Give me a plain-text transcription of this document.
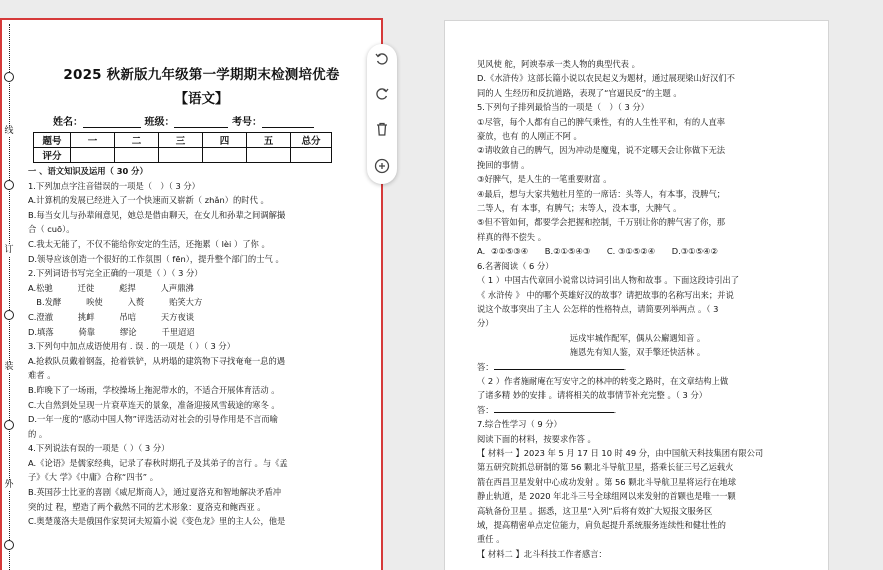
线
订
装
外
2025 秋新版九年级第一学期期末检测培优卷
【语文】
姓名：	班级：	考号：
题号	一	二	三	四	五	总分
评分						

一 、语文知识及运用（ 30 分）

1.下列加点字注音错误的一项是（　）（ 3 分）

A.计算机的发展已经进入了一个快速而又崭新（ zhǎn）的时代 。

B.每当女儿与孙辈闹意见，她总是借由聊天，在女儿和孙辈之间调解撮

合（ cuō）。

C.我太无能了，不仅不能给你安定的生活，还拖累（ lèi ）了你 。

D.领导应该创造一个很好的工作氛围（ fēn），提升整个部门的士气 。

2.下列词语书写完全正确的一项是（ ）（ 3 分）

A.松驰　　　迁徙　　　彪捍　　　人声鼎沸

　B.发酵　　　唉使　　　入赘　　　贻笑大方

C.澄澈　　　挑衅　　　吊唁　　　天方夜谈

D.填落　　　倚靠　　　缪论　　　千里迢迢

3.下列句中加点成语使用有 . 误 . 的一项是（ ）（ 3 分）

A.抢救队员戴着钢盔，抢着铁铲，从坍塌的建筑物下寻找奄奄一息的遇

难者 。

B.昨晚下了一场雨，学校操场上拖泥带水的，不适合开展体育活动 。

C.大自然到处呈现一片衰草连天的景象，准备迎接风雪载途的寒冬 。

D.一年一度的“感动中国人物”评选活动对社会的引导作用是不言而喻

的 。

4.下列说法有误的一项是（ ）（ 3 分）

A.《论语》是儒家经典，记录了春秋时期孔子及其弟子的言行 。与《孟

子》《大 学》《中庸》合称“四书” 。

B.英国莎士比亚的喜剧《威尼斯商人》，通过夏洛克和智地解决矛盾冲

突的过 程，塑造了两个截然不同的艺术形象：夏洛克和鲍西亚 。

C.奥楚蔑洛夫是俄国作家契诃夫短篇小说《变色龙》里的主人公，他是

见风使 舵，阿谀奉承一类人物的典型代表 。

D.《水浒传》这部长篇小说以农民起义为题材，通过展现梁山好汉们不

同的人 生经历和反抗道路，表现了“官逼民反”的主题 。

5.下列句子排列最恰当的一项是（　）（ 3 分）

①尽管，每个人都有自己的脾气秉性，有的人生性平和，有的人直率

豪放，也有 的人刚正不阿 。

②请收敛自己的脾气，因为冲动是魔鬼，说不定哪天会让你做下无法

挽回的事情 。

③好脾气，是人生的一笔重要财富 。

④最后，想与大家共勉杜月笙的一席话：头等人，有本事，没脾气；

二等人，有 本事，有脾气；末等人，没本事，大脾气 。

⑤但不管如何，都要学会把握和控制，千万别让你的脾气害了你，那

样真的得不偿失 。

A．②①⑤③④　　B.②①⑤④③　　C. ③①⑤②④　　D.③①⑤④②

6.名著阅读（ 6 分）

（ 1 ）中国古代章回小说常以诗词引出人物和故事 。下面这段诗引出了

《 水浒传 》 中的哪个英雄好汉的故事？请把故事的名称写出来；并说

说这个故事突出了主人 公怎样的性格特点，请简要列举两点 。（ 3

分）

远戍牢城作配军，偶从公廨遇知音 。

施恩先有知人鉴，双手擎还快活林 。

答：	．

（ 2 ）作者施耐庵在写安守之的林冲的转变之路时，在文章结构上做

了诸多精 妙的安排 。请将相关的故事情节补充完整 。（ 3 分）

答：	．

7.综合性学习（ 9 分）

阅读下面的材料，按要求作答 。

【 材料一 】2023 年 5 月 17 日 10 时 49 分，由中国航天科技集团有限公司

第五研究院抓总研制的第 56 颗北斗导航卫星，搭乘长征三号乙运载火

箭在西昌卫星发射中心成功发射 。第 56 颗北斗导航卫星将运行在地球

静止轨道，是 2020 年北斗三号全球组网以来发射的首颗也是唯一一颗

高轨备份卫星 。据悉，这卫星“入列”后将有效扩大短报文服务区

域，提高精密单点定位能力，肩负起提升系统服务连续性和健壮性的

重任 。

【 材料二 】北斗科技工作者感言：
